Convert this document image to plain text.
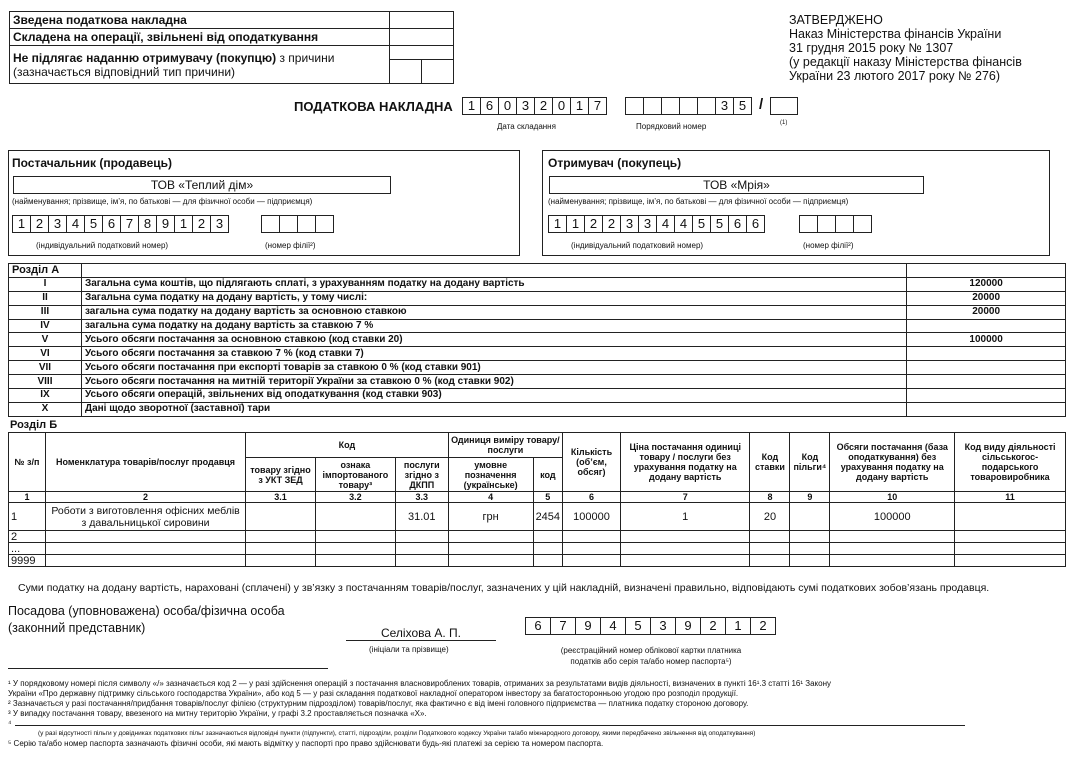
Зведена податкова накладна		
Складена на операції, звільнені від оподаткування		
Не підлягає наданню отримувачу (покупцю) з причини
(зазначається відповідний тип причини)		

ЗАТВЕРДЖЕНО
Наказ Міністерства фінансів України
31 грудня 2015 року № 1307
(у редакції наказу Міністерства фінансів
України 23 лютого 2017 року № 276)
ПОДАТКОВА НАКЛАДНА	1 6 0 3 2 0 1 7
Дата складання
3 5 /
Порядковий номер	(1)
Постачальник (продавець)
ТОВ «Теплий дім»
(найменування; прізвище, ім’я, по батькові — для фізичної особи — підприємця)
1 2 3 4 5 6 7 8 9 1 2 3
(індивідуальний податковий номер)	(номер філії²)
Отримувач (покупець)
ТОВ «Мрія»
(найменування; прізвище, ім’я, по батькові — для фізичної особи — підприємця)
1 1 2 2 3 3 4 4 5 5 6 6
(індивідуальний податковий номер)	(номер філії²)
Розділ А		
I	Загальна сума коштів, що підлягають сплаті, з урахуванням податку на додану вартість	120000
II	Загальна сума податку на додану вартість, у тому числі:	20000
III	загальна сума податку на додану вартість за основною ставкою	20000
IV	загальна сума податку на додану вартість за ставкою 7 %	
V	Усього обсяги постачання за основною ставкою (код ставки 20)	100000
VI	Усього обсяги постачання за ставкою 7 % (код ставки 7)	
VII	Усього обсяги постачання при експорті товарів за ставкою 0 % (код ставки 901)	
VIII	Усього обсяги постачання на митній території України за ставкою 0 % (код ставки 902)	
IX	Усього обсяги операцій, звільнених від оподаткування (код ставки 903)	
X	Дані щодо зворотної (заставної) тари	
Розділ Б
№ з/п	Номенклатура товарів/послуг продавця	Код			Одиниця виміру товару/послуги		Кількість (об’єм, обсяг)	Ціна постачання одиниці товару / послуги без урахування податку на додану вартість	Код ставки	Код пільги⁴	Обсяги постачання (база оподаткування) без урахування податку на додану вартість	Код виду діяльності сільськогос-подарського товаровиробника
		товару згідно з УКТ ЗЕД	ознака імпортованого товару³	послуги згідно з ДКПП	умовне позначення (українське)	код						
1	2	3.1	3.2	3.3	4	5	6	7	8	9	10	11
1	Роботи з виготовлення офісних меблів з давальницької сировини			31.01	грн	2454	100000	1	20		100000	
2												
...												
9999												
Суми податку на додану вартість, нараховані (сплачені) у зв’язку з постачанням товарів/послуг, зазначених у цій накладній, визначені правильно, відповідають сумі податкових зобов’язань продавця.
Посадова (уповноважена) особа/фізична особа
(законний представник)	Селіхова А. П.
(ініціали та прізвище)
6	7	9	4	5	3	9	2	1	2
(реєстраційний номер облікової картки платника
податків або серія та/або номер паспорта⁵)
¹ У порядковому номері після символу «/» зазначається код 2 — у разі здійснення операцій з постачання власновироблених товарів, отриманих за результатами видів діяльності, визначених в пункті 16¹.3 статті 16¹ Закону
України «Про державну підтримку сільського господарства України», або код 5 — у разі складання податкової накладної оператором інвестору за багатосторонньою угодою про розподіл продукції.
² Зазначається у разі постачання/придбання товарів/послуг філією (структурним підрозділом) товарів/послуг, яка фактично є від імені головного підприємства — платника податку стороною договору.
³ У випадку постачання товару, ввезеного на митну територію України, у графі 3.2 проставляється позначка «Х».
⁴
(у разі відсутності пільги у довідниках податкових пільг зазначаються відповідні пункти (підпункти), статті, підрозділи, розділи Податкового кодексу України та/або міжнародного договору, якими передбачено звільнення від оподаткування)
⁵ Серію та/або номер паспорта зазначають фізичні особи, які мають відмітку у паспорті про право здійснювати будь-які платежі за серією та номером паспорта.
